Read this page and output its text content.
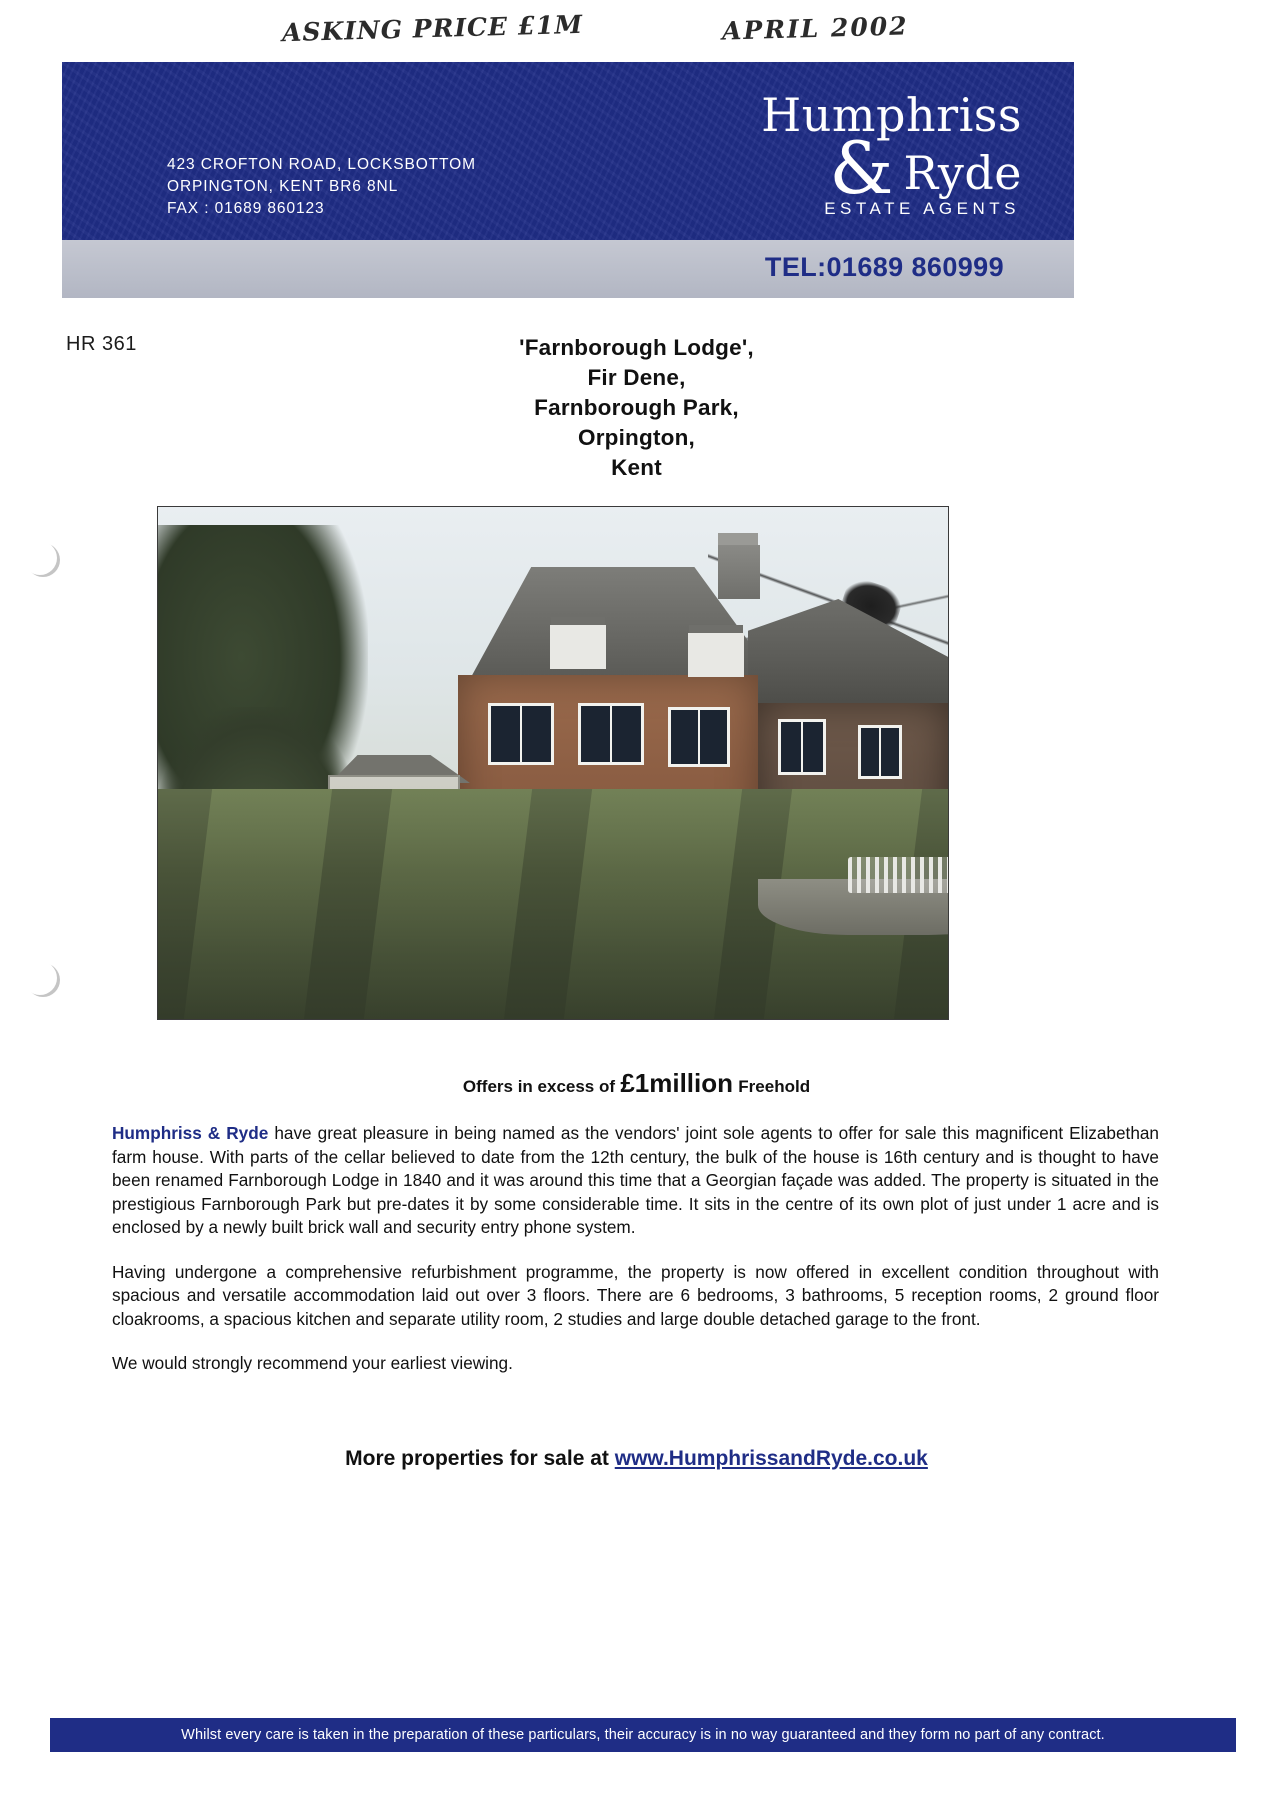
ASKING PRICE £1M	APRIL 2002
423 CROFTON ROAD, LOCKSBOTTOM
ORPINGTON, KENT BR6 8NL
FAX : 01689 860123
Humphriss
& Ryde
ESTATE AGENTS
TEL:01689 860999
HR 361	'Farnborough Lodge',
Fir Dene,
Farnborough Park,
Orpington,
Kent
Offers in excess of £1million Freehold

Humphriss & Ryde have great pleasure in being named as the vendors' joint sole agents to offer for sale this magnificent Elizabethan farm house. With parts of the cellar believed to date from the 12th century, the bulk of the house is 16th century and is thought to have been renamed Farnborough Lodge in 1840 and it was around this time that a Georgian façade was added. The property is situated in the prestigious Farnborough Park but pre-dates it by some considerable time. It sits in the centre of its own plot of just under 1 acre and is enclosed by a newly built brick wall and security entry phone system.

Having undergone a comprehensive refurbishment programme, the property is now offered in excellent condition throughout with spacious and versatile accommodation laid out over 3 floors. There are 6 bedrooms, 3 bathrooms, 5 reception rooms, 2 ground floor cloakrooms, a spacious kitchen and separate utility room, 2 studies and large double detached garage to the front.

We would strongly recommend your earliest viewing.

More properties for sale at www.HumphrissandRyde.co.uk
Whilst every care is taken in the preparation of these particulars, their accuracy is in no way guaranteed and they form no part of any contract.
